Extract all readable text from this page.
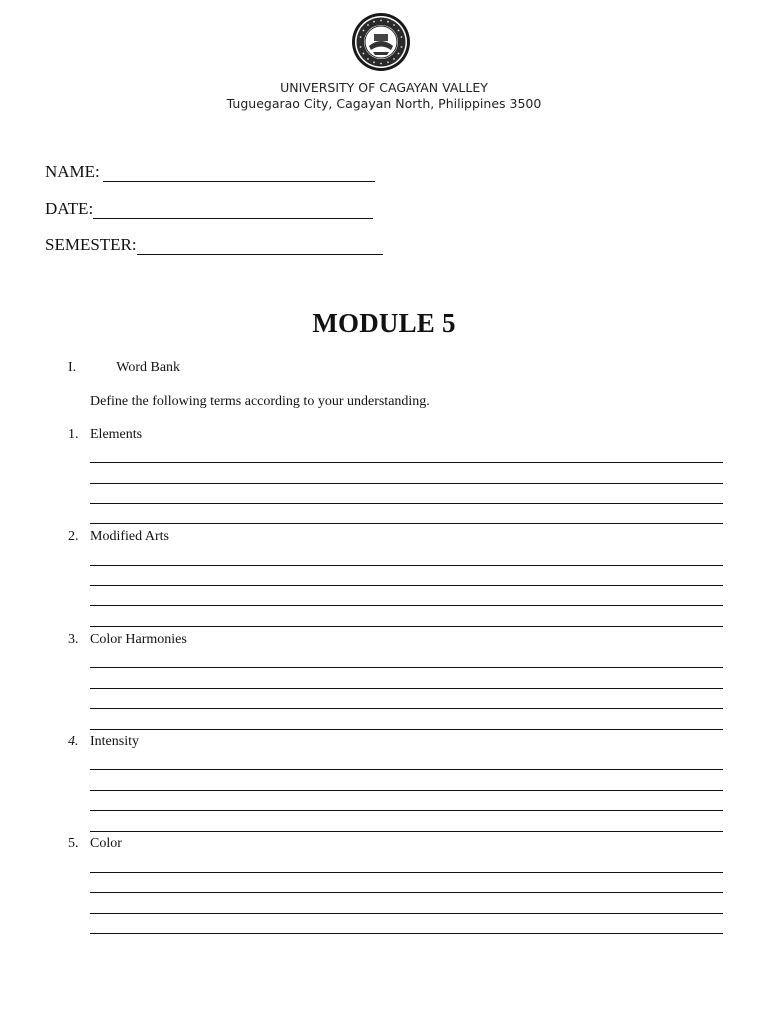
UNIVERSITY OF CAGAYAN VALLEY
Tuguegarao City, Cagayan North, Philippines 3500
NAME:
DATE:
SEMESTER:
MODULE 5
I.	Word Bank
Define the following terms according to your understanding.
1. Elements
2. Modified Arts
3. Color Harmonies
4. Intensity
5. Color
